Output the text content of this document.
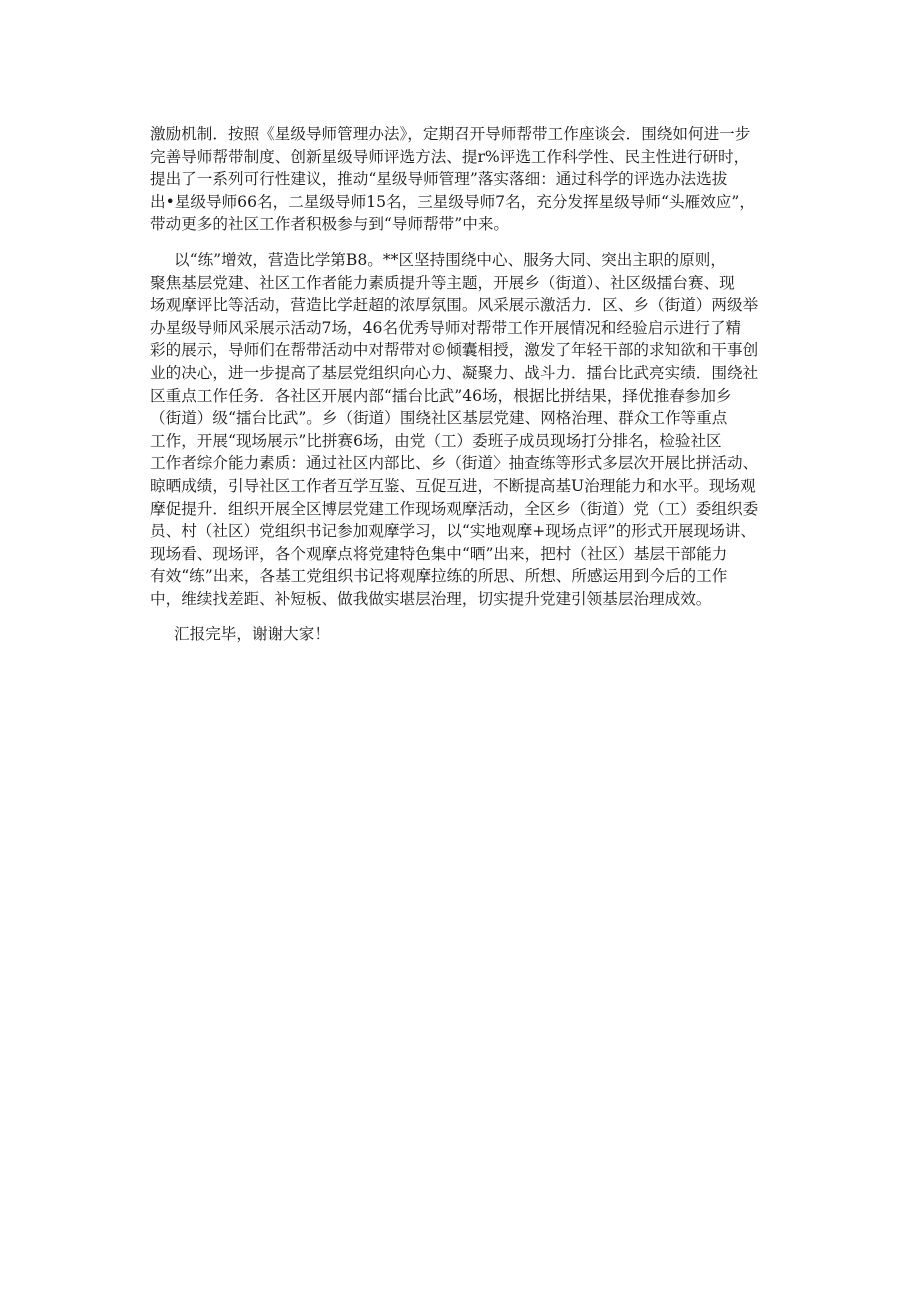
激励机制．按照《星级导师管理办法》，定期召开导师帮带工作座谈会．围绕如何进一步
完善导师帮带制度、创新星级导师评选方法、提r%评选工作科学性、民主性进行研时，
提出了一系列可行性建议，推动“星级导师管理”落实落细：通过科学的评选办法选拔
出•星级导师66名，二星级导师15名，三星级导师7名，充分发挥星级导师“头雁效应”，
带动更多的社区工作者积极参与到“导师帮带”中来。
以“练”增效，营造比学第B8。**区坚持围绕中心、服务大同、突出主职的原则，
聚焦基层党建、社区工作者能力素质提升等主题，开展乡（街道）、社区级擂台赛、现
场观摩评比等活动，营造比学赶超的浓厚氛围。风采展示激活力．区、乡（街道）两级举
办星级导师风采展示活动7场，46名优秀导师对帮带工作开展情况和经验启示进行了精
彩的展示，导师们在帮带活动中对帮带对©倾囊相授，激发了年轻干部的求知欲和干事创
业的决心，进一步提高了基层党组织向心力、凝聚力、战斗力．擂台比武亮实绩．围绕社
区重点工作任务．各社区开展内部“擂台比武”46场，根据比拼结果，择优推春参加乡
（街道）级“擂台比武”。乡（街道）围绕社区基层党建、网格治理、群众工作等重点
工作，开展“现场展示”比拼赛6场，由党（工）委班子成员现场打分排名，检验社区
工作者综介能力素质：通过社区内部比、乡（街道〉抽查练等形式多层次开展比拼活动、
晾晒成绩，引导社区工作者互学互鉴、互促互进，不断提高基U治理能力和水平。现场观
摩促提升．组织开展全区博层党建工作现场观摩活动，全区乡（街道）党（工）委组织委
员、村（社区）党组织书记参加观摩学习，以“实地观摩+现场点评”的形式开展现场讲、
现场看、现场评，各个观摩点将党建特色集中“晒”出来，把村（社区）基层干部能力
有效“练”出来，各基工党组织书记将观摩拉练的所思、所想、所感运用到今后的工作
中，维续找差距、补短板、做我做实堪层治理，切实提升党建引领基层治理成效。
汇报完毕，谢谢大家！
